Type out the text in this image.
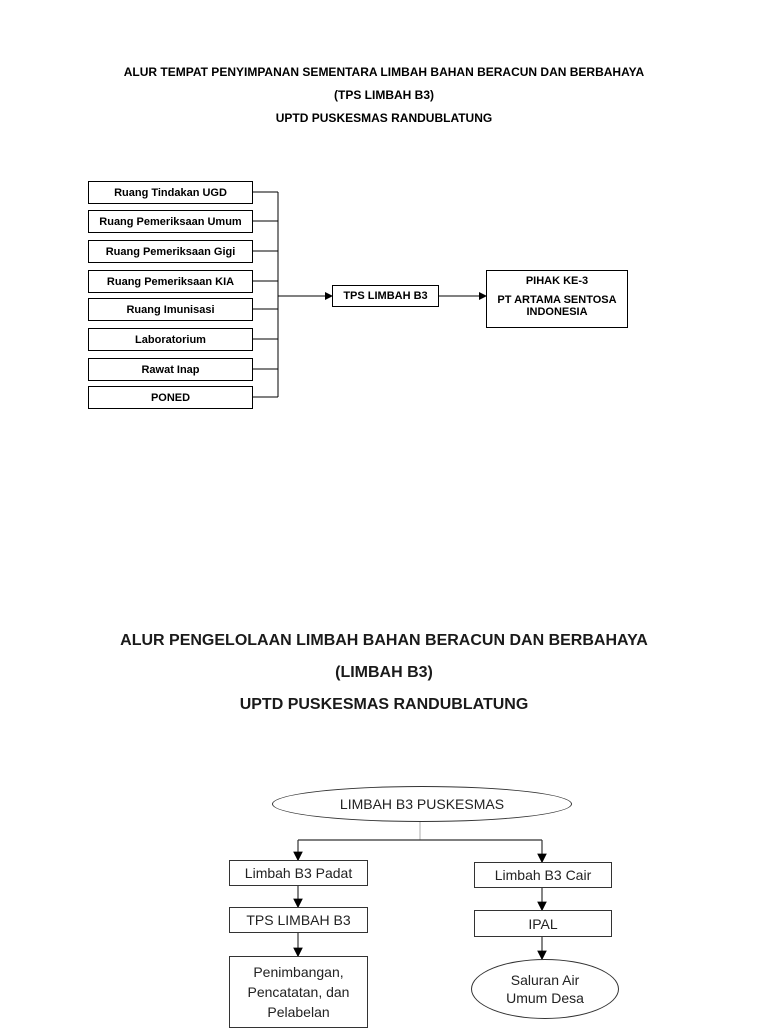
ALUR TEMPAT PENYIMPANAN SEMENTARA LIMBAH BAHAN BERACUN DAN BERBAHAYA
(TPS LIMBAH B3)
UPTD PUSKESMAS RANDUBLATUNG
Ruang Tindakan UGD
Ruang Pemeriksaan Umum
Ruang Pemeriksaan Gigi
Ruang Pemeriksaan KIA
Ruang Imunisasi
Laboratorium
Rawat Inap
PONED
TPS LIMBAH B3
PIHAK KE-3
PT ARTAMA SENTOSA INDONESIA
ALUR PENGELOLAAN LIMBAH BAHAN BERACUN DAN BERBAHAYA
(LIMBAH B3)
UPTD PUSKESMAS RANDUBLATUNG
LIMBAH B3 PUSKESMAS
Limbah B3 Padat
TPS LIMBAH B3
Penimbangan, Pencatatan, dan Pelabelan
Limbah B3 Cair
IPAL
Saluran Air Umum Desa
